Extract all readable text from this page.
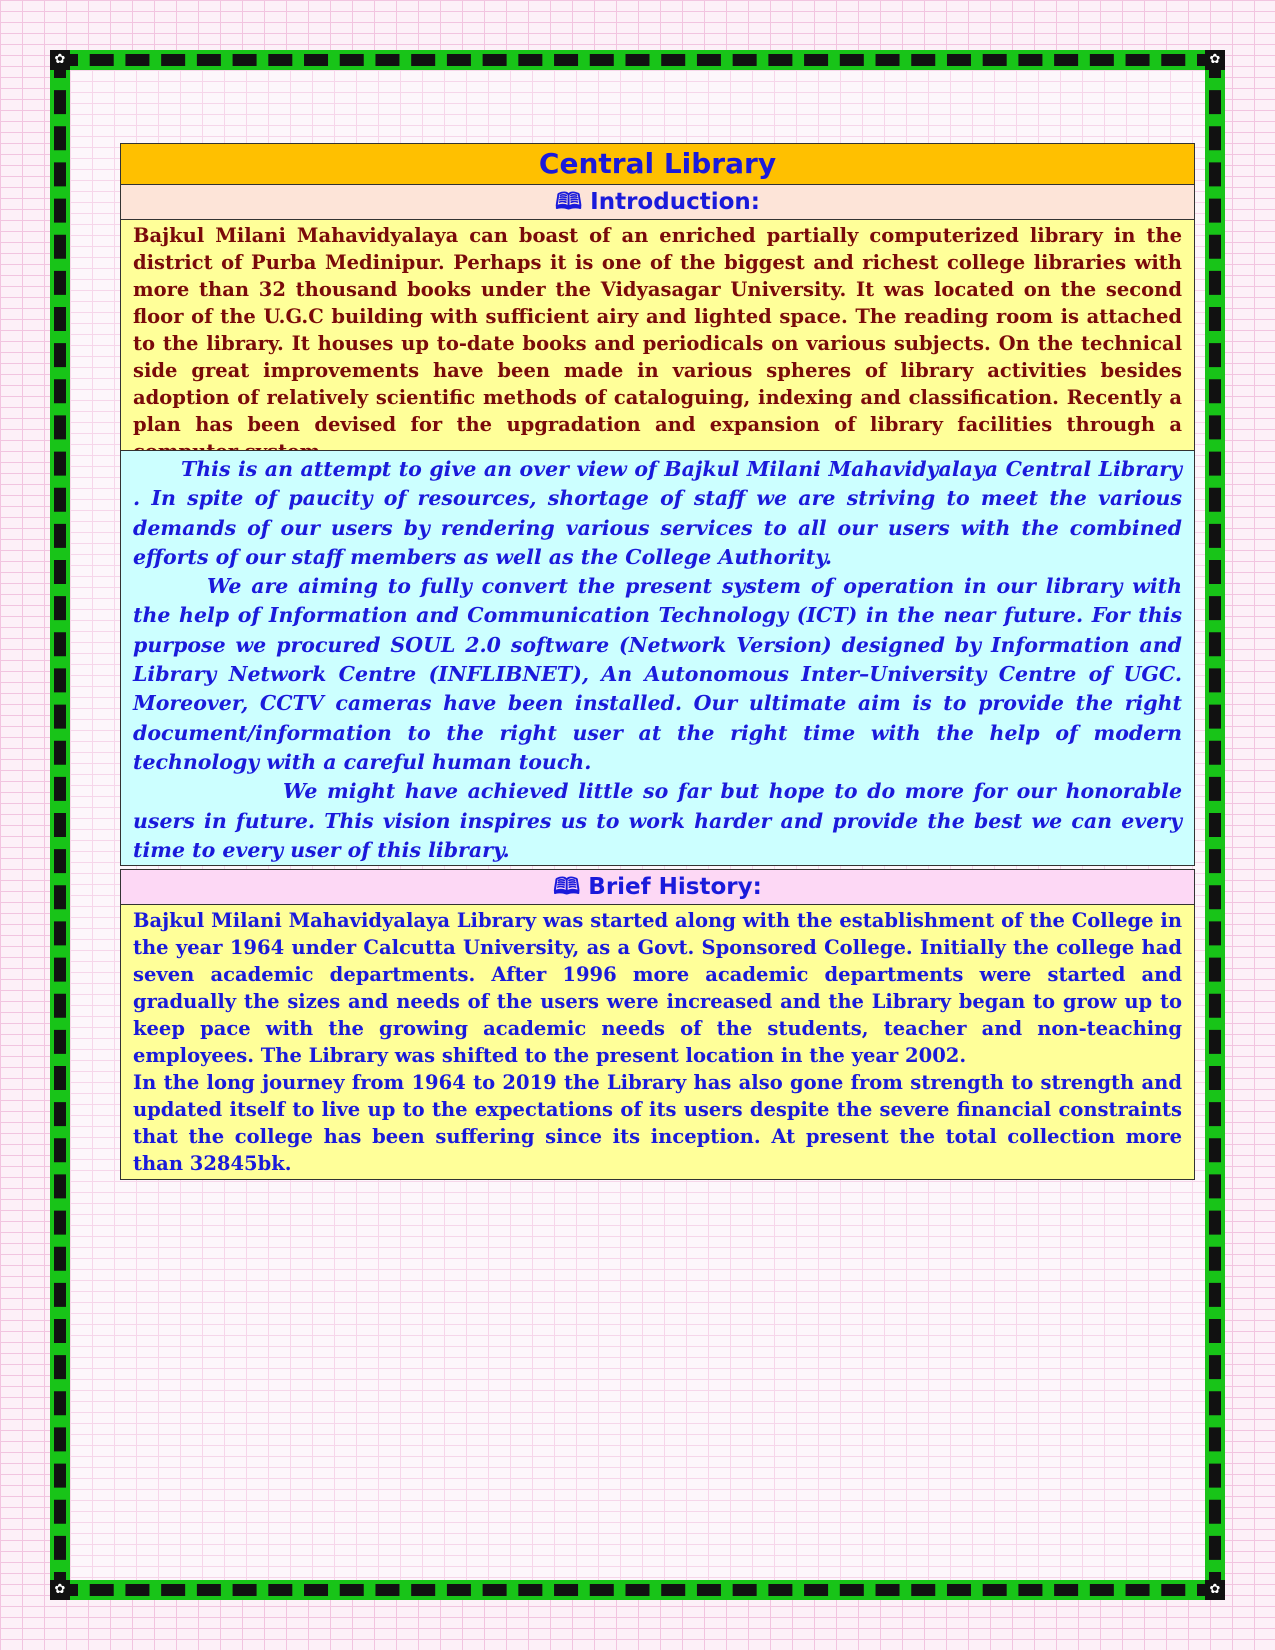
✿	✿
✿	✿
Central Library
🕮 Introduction:
Bajkul Milani Mahavidyalaya can boast of an enriched partially computerized library in the district of Purba Medinipur. Perhaps it is one of the biggest and richest college libraries with more than 32 thousand books under the Vidyasagar University. It was located on the second floor of the U.G.C building with sufficient airy and lighted space. The reading room is attached to the library. It houses up to-date books and periodicals on various subjects. On the technical side great improvements have been made in various spheres of library activities besides adoption of relatively scientific methods of cataloguing, indexing and classification. Recently a plan has been devised for the upgradation and expansion of library facilities through a

This is an attempt to give an over view of Bajkul Milani Mahavidyalaya Central Library . In spite of paucity of resources, shortage of staff we are striving to meet the various demands of our users by rendering various services to all our users with the combined efforts of our staff members as well as the College Authority.

We are aiming to fully convert the present system of operation in our library with the help of Information and Communication Technology (ICT) in the near future. For this purpose we procured SOUL 2.0 software (Network Version) designed by Information and Library Network Centre (INFLIBNET), An Autonomous Inter–University Centre of UGC. Moreover, CCTV cameras have been installed. Our ultimate aim is to provide the right document/information to the right user at the right time with the help of modern technology with a careful human touch.

We might have achieved little so far but hope to do more for our honorable users in future. This vision inspires us to work harder and provide the best we can every time to every user of this library.

🕮 Brief History:

Bajkul Milani Mahavidyalaya Library was started along with the establishment of the College in the year 1964 under Calcutta University, as a Govt. Sponsored College. Initially the college had seven academic departments. After 1996 more academic departments were started and gradually the sizes and needs of the users were increased and the Library began to grow up to keep pace with the growing academic needs of the students, teacher and non-teaching employees. The Library was shifted to the present location in the year 2002.

In the long journey from 1964 to 2019 the Library has also gone from strength to strength and updated itself to live up to the expectations of its users despite the severe financial constraints that the college has been suffering since its inception. At present the total collection more than 32845bk.
